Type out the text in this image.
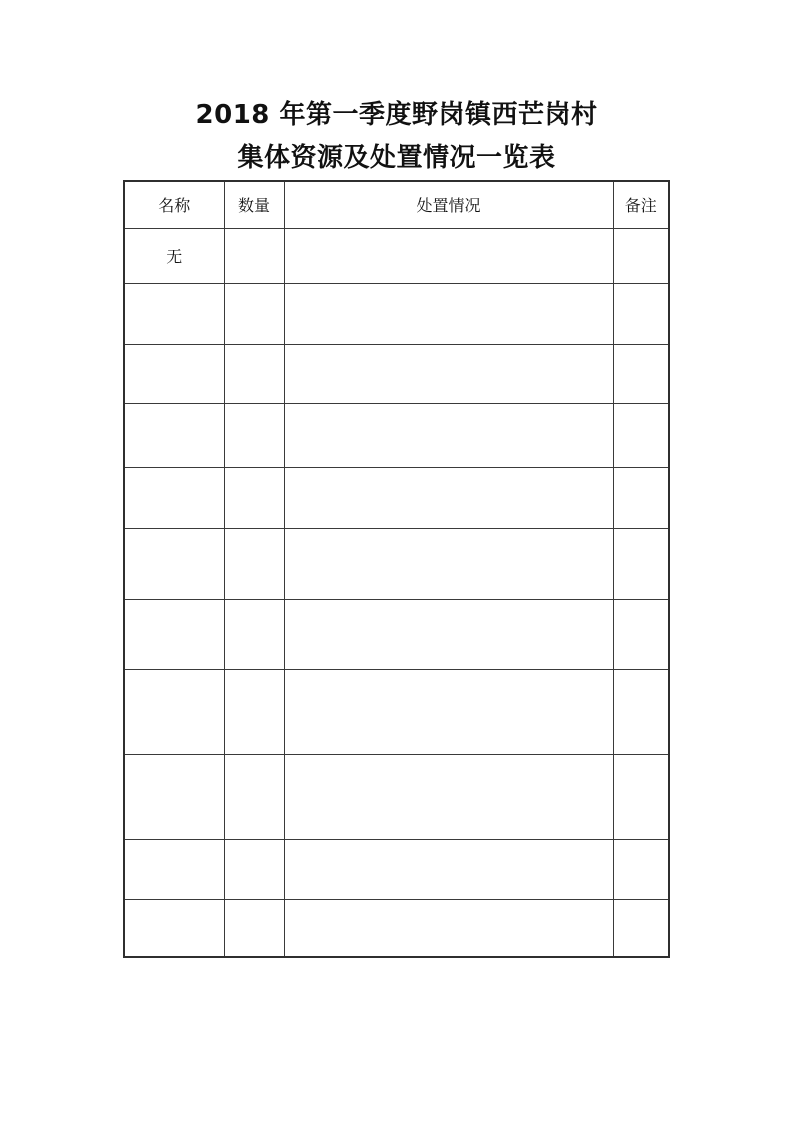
2018 年第一季度野岗镇西芒岗村
集体资源及处置情况一览表
名称	数量	处置情况	备注
无			
